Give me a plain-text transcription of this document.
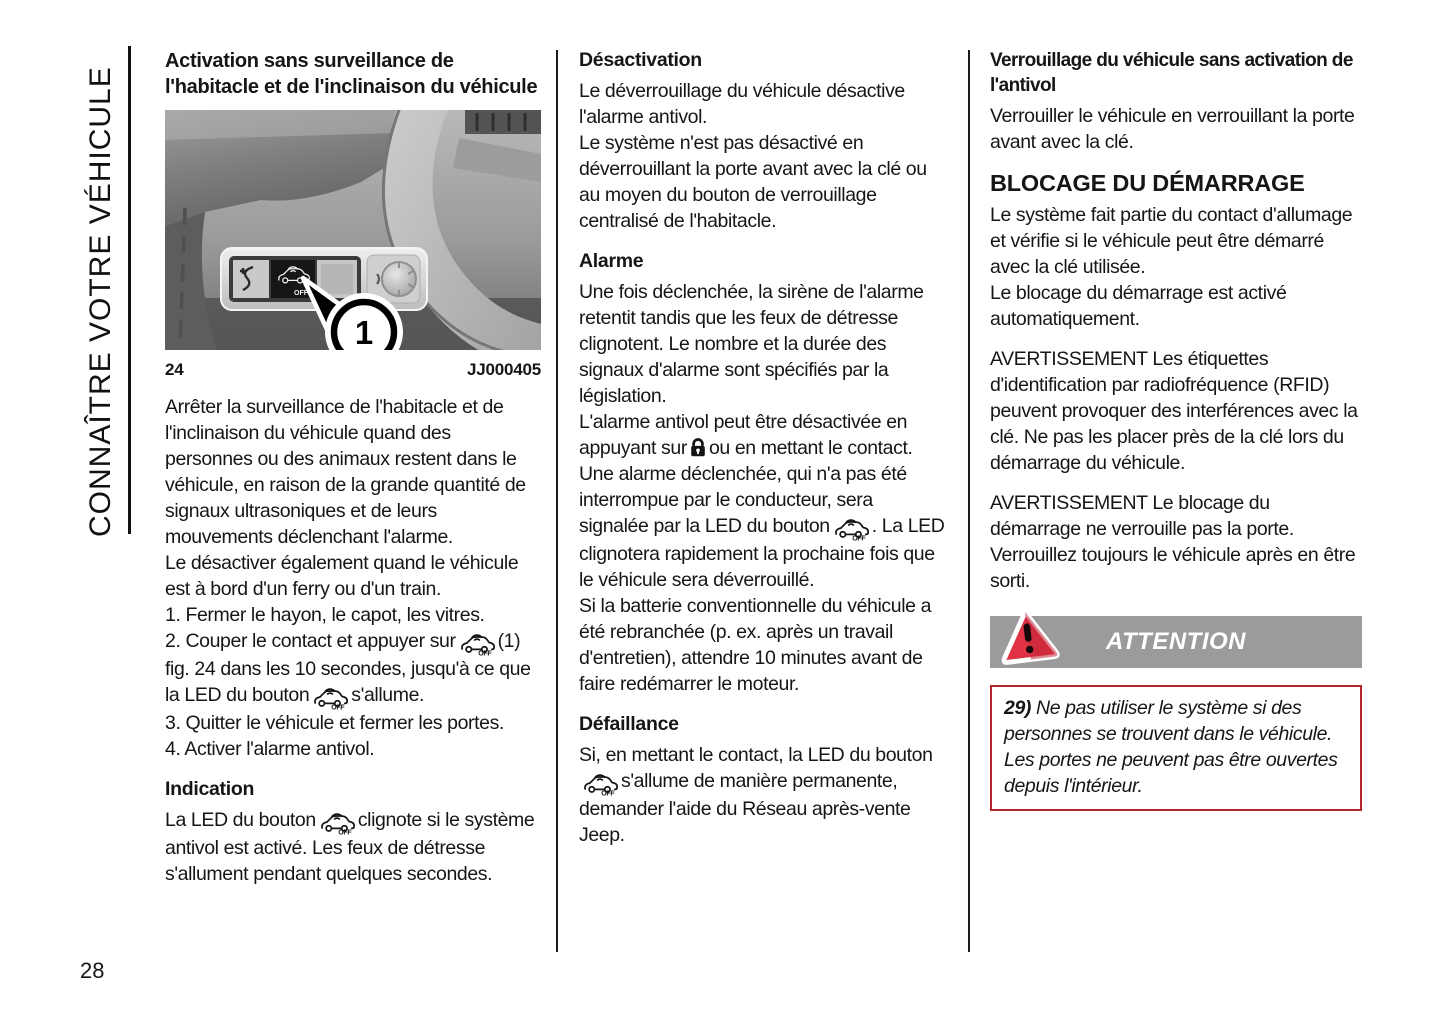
CONNAÎTRE VOTRE VÉHICULE
Activation sans surveillance de l'habitacle et de l'inclinaison du véhicule
OFF
1
24	JJ000405

Arrêter la surveillance de l'habitacle et de l'inclinaison du véhicule quand des personnes ou des animaux restent dans le véhicule, en raison de la grande quantité de signaux ultrasoniques et de leurs mouvements déclenchant l'alarme.

Le désactiver également quand le véhicule est à bord d'un ferry ou d'un train.

1. Fermer le hayon, le capot, les vitres.

2. Couper le contact et appuyer sur
OFF
(1) fig. 24 dans les 10 secondes, jusqu'à ce que la LED du bouton
OFF
s'allume.

3. Quitter le véhicule et fermer les portes.

4. Activer l'alarme antivol.

Indication

La LED du bouton
OFF
clignote si le système antivol est activé. Les feux de détresse s'allument pendant quelques secondes.

Désactivation

Le déverrouillage du véhicule désactive l'alarme antivol.

Le système n'est pas désactivé en déverrouillant la porte avant avec la clé ou au moyen du bouton de verrouillage centralisé de l'habitacle.

Alarme

Une fois déclenchée, la sirène de l'alarme retentit tandis que les feux de détresse clignotent. Le nombre et la durée des signaux d'alarme sont spécifiés par la législation.

L'alarme antivol peut être désactivée en appuyant sur ou en mettant le contact.

Une alarme déclenchée, qui n'a pas été interrompue par le conducteur, sera signalée par la LED du bouton
OFF
. La LED clignotera rapidement la prochaine fois que le véhicule sera déverrouillé.

Si la batterie conventionnelle du véhicule a été rebranchée (p. ex. après un travail d'entretien), attendre 10 minutes avant de faire redémarrer le moteur.

Défaillance

Si, en mettant le contact, la LED du bouton
OFF
s'allume de manière permanente, demander l'aide du Réseau après-vente Jeep.

Verrouillage du véhicule sans activation de l'antivol

Verrouiller le véhicule en verrouillant la porte avant avec la clé.

BLOCAGE DU DÉMARRAGE

Le système fait partie du contact d'allumage et vérifie si le véhicule peut être démarré avec la clé utilisée.

Le blocage du démarrage est activé automatiquement.

AVERTISSEMENT Les étiquettes d'identification par radiofréquence (RFID) peuvent provoquer des interférences avec la clé. Ne pas les placer près de la clé lors du démarrage du véhicule.

AVERTISSEMENT Le blocage du démarrage ne verrouille pas la porte. Verrouillez toujours le véhicule après en être sorti.

ATTENTION
29) Ne pas utiliser le système si des personnes se trouvent dans le véhicule. Les portes ne peuvent pas être ouvertes depuis l'intérieur.
28
